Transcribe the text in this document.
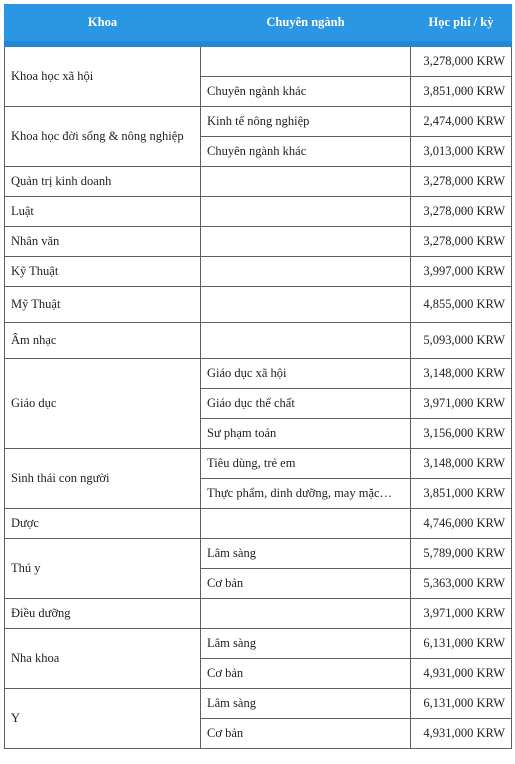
Khoa	Chuyên ngành	Học phí / kỳ
Khoa học xã hội		3,278,000 KRW
	Chuyên ngành khác	3,851,000 KRW
Khoa học đời sống & nông nghiệp	Kinh tế nông nghiệp	2,474,000 KRW
	Chuyên ngành khác	3,013,000 KRW
Quản trị kinh doanh		3,278,000 KRW
Luật		3,278,000 KRW
Nhân văn		3,278,000 KRW
Kỹ Thuật		3,997,000 KRW
Mỹ Thuật		4,855,000 KRW
Âm nhạc		5,093,000 KRW
Giáo dục	Giáo dục xã hội	3,148,000 KRW
	Giáo dục thể chất	3,971,000 KRW
	Sư phạm toán	3,156,000 KRW
Sinh thái con người	Tiêu dùng, trẻ em	3,148,000 KRW
	Thực phẩm, dinh dưỡng, may mặc…	3,851,000 KRW
Dược		4,746,000 KRW
Thú y	Lâm sàng	5,789,000 KRW
	Cơ bản	5,363,000 KRW
Điều dưỡng		3,971,000 KRW
Nha khoa	Lâm sàng	6,131,000 KRW
	Cơ bản	4,931,000 KRW
Y	Lâm sàng	6,131,000 KRW
	Cơ bản	4,931,000 KRW
